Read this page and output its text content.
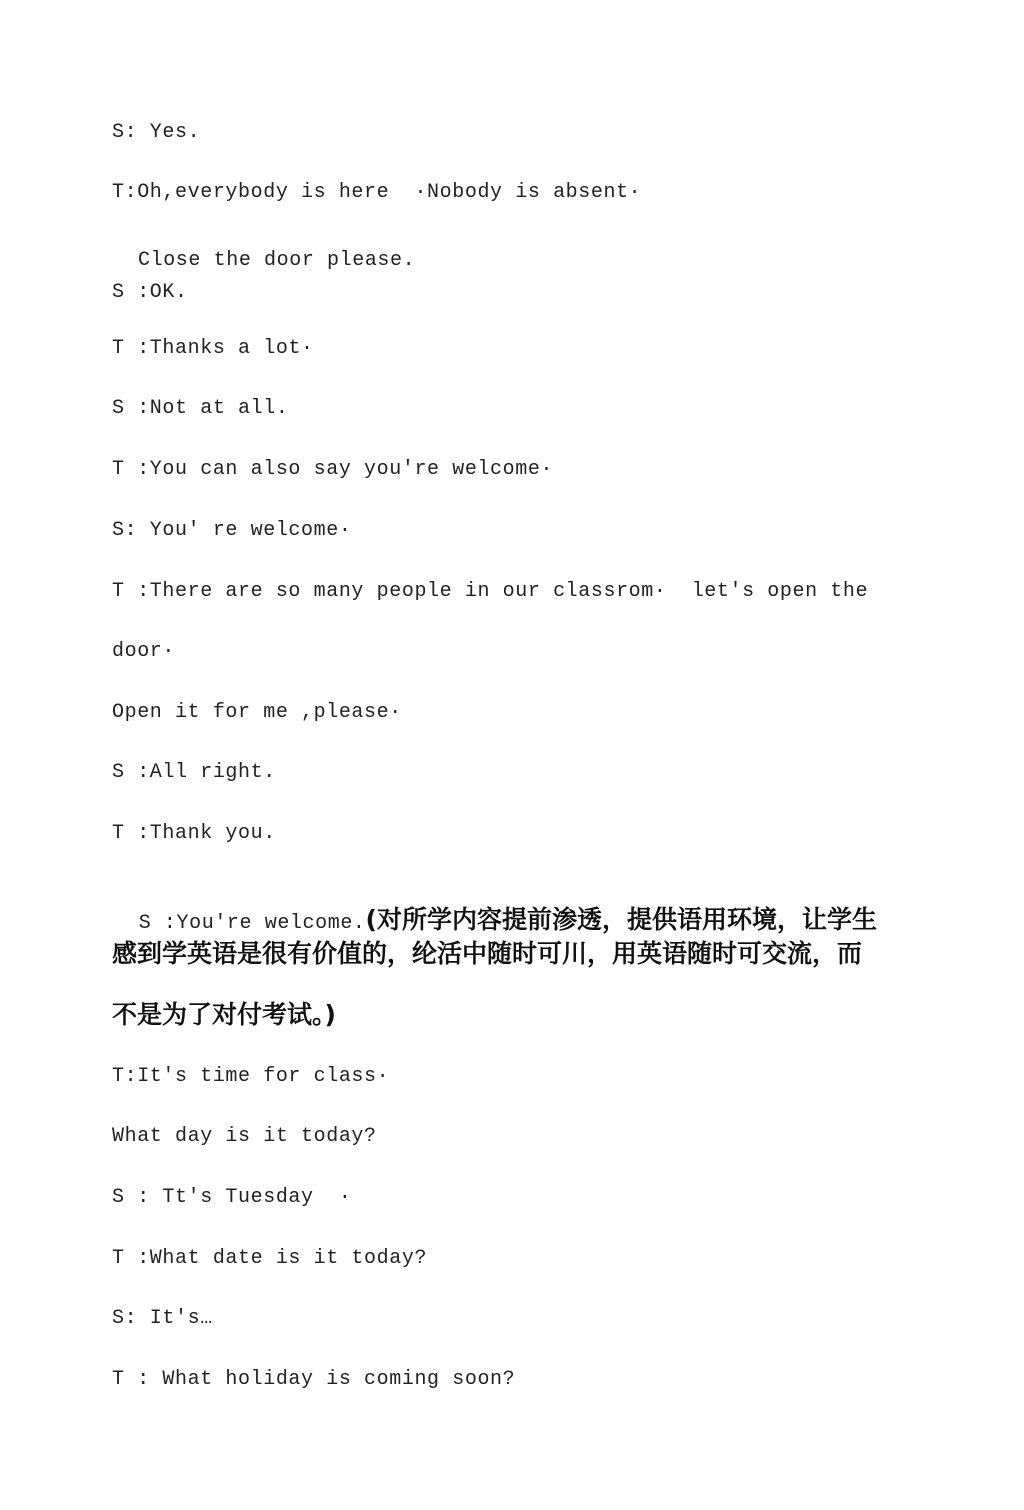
S: Yes.
T:Oh,everybody is here  ·Nobody is absent·
Close the door please.
S :OK.
T :Thanks a lot·
S :Not at all.
T :You can also say you're welcome·
S: You' re welcome·
T :There are so many people in our classrom·  let's open the
door·
Open it for me ,please·
S :All right.
T :Thank you.

S :You're welcome.(对所学内容提前渗透，提供语用环境，让学生

感到学英语是很有价值的，纶活中随时可川，用英语随时可交流，而
不是为了对付考试。)
T:It's time for class·
What day is it today?
S : Tt's Tuesday  ·
T :What date is it today?
S: It's…
T : What holiday is coming soon?
